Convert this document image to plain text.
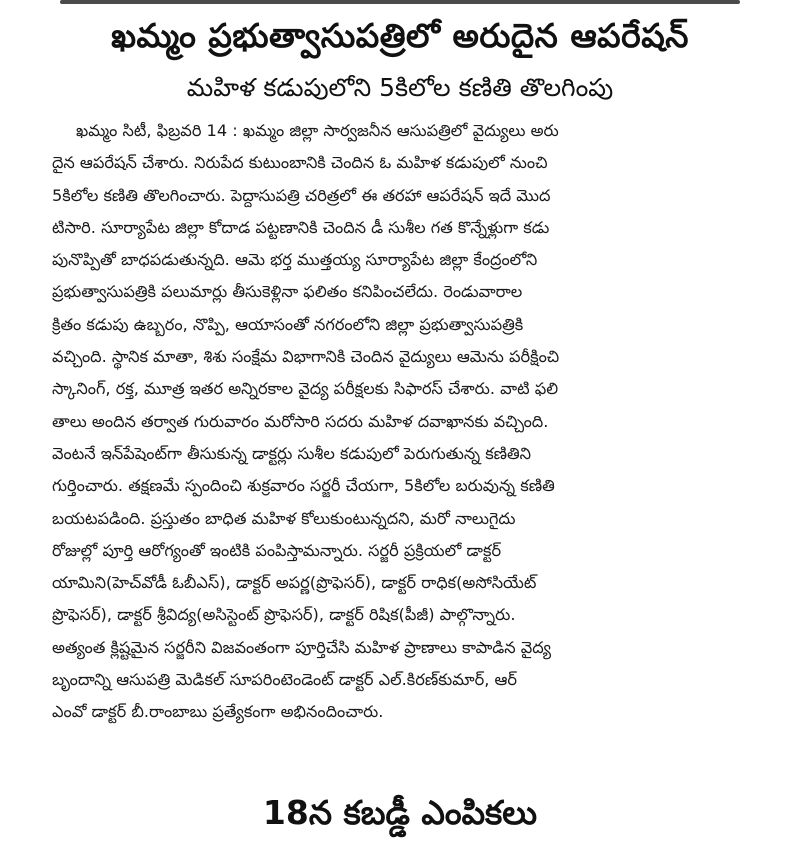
ఖమ్మం ప్రభుత్వాసుపత్రిలో అరుదైన ఆపరేషన్
మహిళ కడుపులోని 5కిలోల కణితి తొలగింపు
ఖమ్మం సిటీ, ఫిబ్రవరి 14 : ఖమ్మం జిల్లా సార్వజనీన ఆసుపత్రిలో వైద్యులు అరు
దైన ఆపరేషన్ చేశారు. నిరుపేద కుటుంబానికి చెందిన ఓ మహిళ కడుపులో నుంచి
5కిలోల కణితి తొలగించారు. పెద్దాసుపత్రి చరిత్రలో ఈ తరహా ఆపరేషన్ ఇదే మొద
టిసారి. సూర్యాపేట జిల్లా కోదాడ పట్టణానికి చెందిన డీ సుశీల గత కొన్నేళ్లుగా కడు
పునొప్పితో బాధపడుతున్నది. ఆమె భర్త ముత్తయ్య సూర్యాపేట జిల్లా కేంద్రంలోని
ప్రభుత్వాసుపత్రికి పలుమార్లు తీసుకెళ్లినా ఫలితం కనిపించలేదు. రెండువారాల
క్రితం కడుపు ఉబ్బరం, నొప్పి, ఆయాసంతో నగరంలోని జిల్లా ప్రభుత్వాసుపత్రికి
వచ్చింది. స్థానిక మాతా, శిశు సంక్షేమ విభాగానికి చెందిన వైద్యులు ఆమెను పరీక్షించి
స్కానింగ్, రక్త, మూత్ర ఇతర అన్నిరకాల వైద్య పరీక్షలకు సిఫారస్ చేశారు. వాటి ఫలి
తాలు అందిన తర్వాత గురువారం మరోసారి సదరు మహిళ దవాఖానకు వచ్చింది.
వెంటనే ఇన్‌పేషెంట్‌గా తీసుకున్న డాక్టర్లు సుశీల కడుపులో పెరుగుతున్న కణితిని
గుర్తించారు. తక్షణమే స్పందించి శుక్రవారం సర్జరీ చేయగా, 5కిలోల బరువున్న కణితి
బయటపడింది. ప్రస్తుతం బాధిత మహిళ కోలుకుంటున్నదని, మరో నాలుగైదు
రోజుల్లో పూర్తి ఆరోగ్యంతో ఇంటికి పంపిస్తామన్నారు. సర్జరీ ప్రక్రియలో డాక్టర్
యామిని(హెచ్‌వోడీ ఓబీఎస్), డాక్టర్ అపర్ణ(ప్రొఫెసర్), డాక్టర్ రాధిక(అసోసియేట్
ప్రొఫెసర్), డాక్టర్ శ్రీవిద్య(అసిస్టెంట్ ప్రొఫెసర్), డాక్టర్ రిషిక(పీజీ) పాల్గొన్నారు.
అత్యంత క్లిష్టమైన సర్జరీని విజవంతంగా పూర్తిచేసి మహిళ ప్రాణాలు కాపాడిన వైద్య
బృందాన్ని ఆసుపత్రి మెడికల్ సూపరింటెండెంట్ డాక్టర్ ఎల్.కిరణ్‌కుమార్, ఆర్
ఎంవో డాక్టర్ బీ.రాంబాబు ప్రత్యేకంగా అభినందించారు.
18న కబడ్డీ ఎంపికలు
